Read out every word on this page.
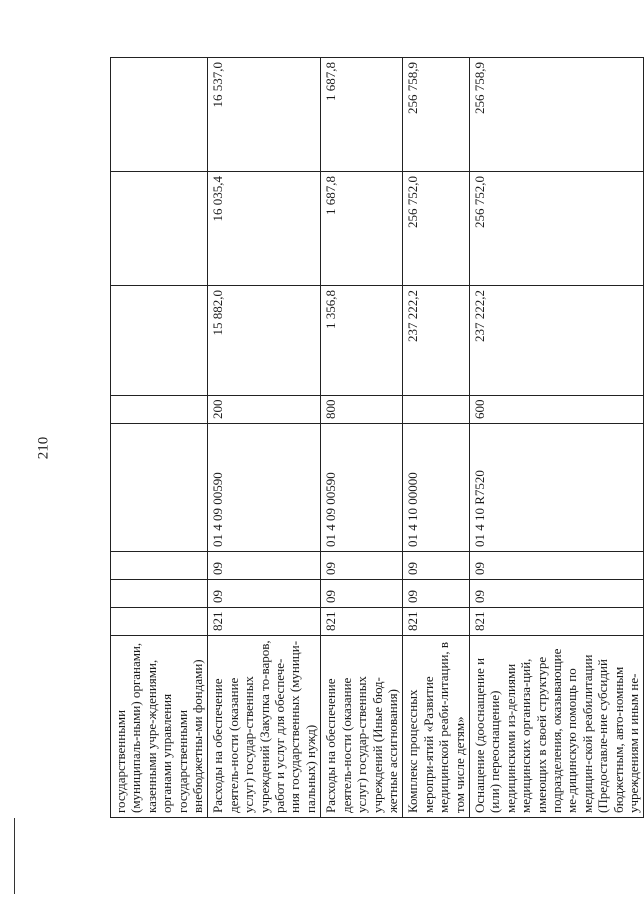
210
государственными (муниципаль-ными) органами, казенными учре-ждениями, органами управления государственными внебюджетны-ми фондами)								
Расходы на обеспечение деятель-ности (оказание услуг) государ-ственных учреждений (Закупка то-варов, работ и услуг для обеспече-ния государственных (муници-пальных) нужд)	821	09	09	01 4 09 00590	200	15 882,0	16 035,4	16 537,0
Расходы на обеспечение деятель-ности (оказание услуг) государ-ственных учреждений (Иные бюд-жетные ассигнования)	821	09	09	01 4 09 00590	800	1 356,8	1 687,8	1 687,8
Комплекс процессных меропри-ятий «Развитие медицинской реаби-литации, в том числе детям»	821	09	09	01 4 10 00000		237 222,2	256 752,0	256 758,9
Оснащение (дооснащение и (или) переоснащение) медицинскими из-делиями медицинских организа-ций, имеющих в своей структуре подразделения, оказывающие ме-дицинскую помощь по медицин-ской реабилитации (Предоставле-ние субсидий бюджетным, авто-номным учреждениям и иным не-	821	09	09	01 4 10 R7520	600	237 222,2	256 752,0	256 758,9
